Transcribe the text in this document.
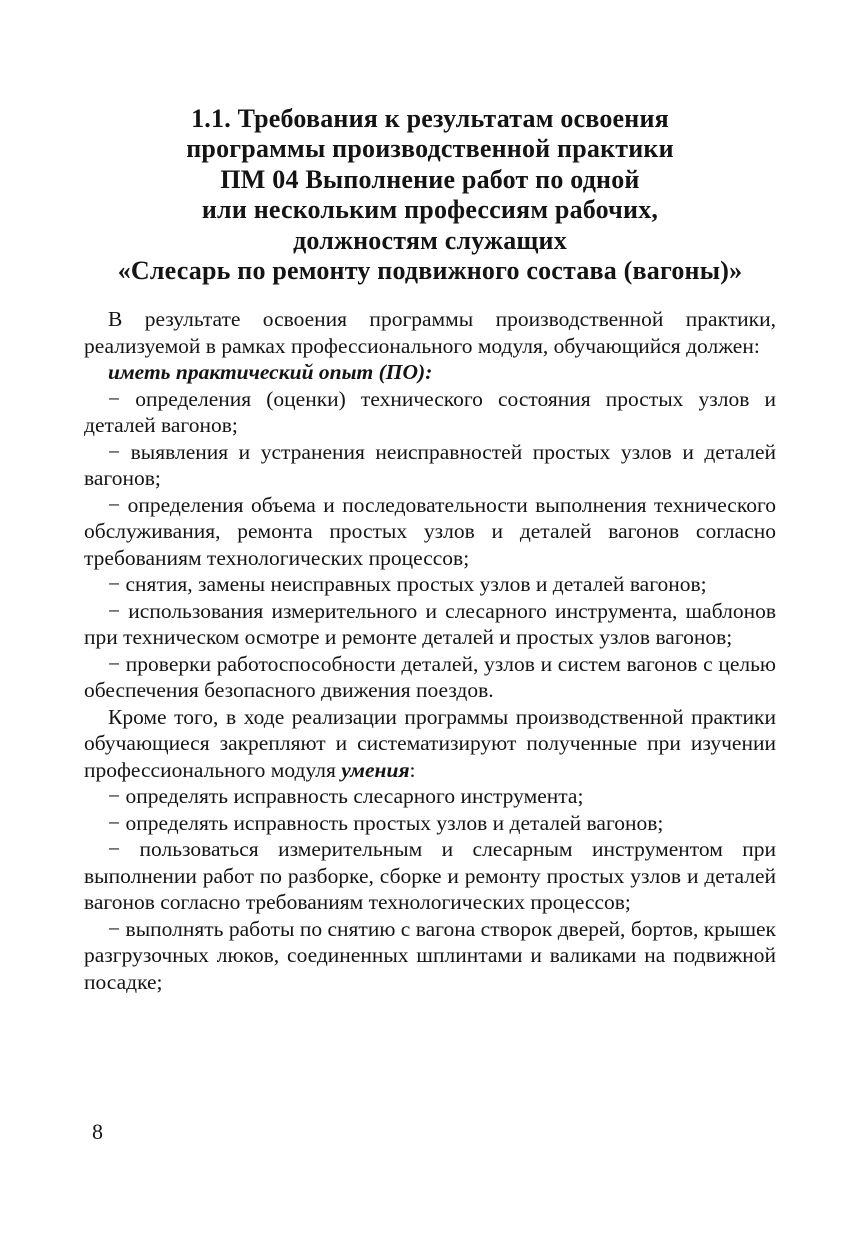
1.1. Требования к результатам освоения
программы производственной практики
ПМ 04 Выполнение работ по одной
или нескольким профессиям рабочих,
должностям служащих
«Слесарь по ремонту подвижного состава (вагоны)»

В результате освоения программы производственной практики, реализуемой в рамках профессионального модуля, обучающийся должен:

иметь практический опыт (ПО):

− определения (оценки) технического состояния простых узлов и деталей вагонов;

− выявления и устранения неисправностей простых узлов и деталей вагонов;

− определения объема и последовательности выполнения технического обслуживания, ремонта простых узлов и деталей вагонов согласно требованиям технологических процессов;

− снятия, замены неисправных простых узлов и деталей вагонов;

− использования измерительного и слесарного инструмента, шаблонов при техническом осмотре и ремонте деталей и простых узлов вагонов;

− проверки работоспособности деталей, узлов и систем вагонов с целью обеспечения безопасного движения поездов.

Кроме того, в ходе реализации программы производственной практики обучающиеся закрепляют и систематизируют полученные при изучении профессионального модуля умения:

− определять исправность слесарного инструмента;

− определять исправность простых узлов и деталей вагонов;

− пользоваться измерительным и слесарным инструментом при выполнении работ по разборке, сборке и ремонту простых узлов и деталей вагонов согласно требованиям технологических процессов;

− выполнять работы по снятию с вагона створок дверей, бортов, крышек разгрузочных люков, соединенных шплинтами и валиками на подвижной посадке;

8
